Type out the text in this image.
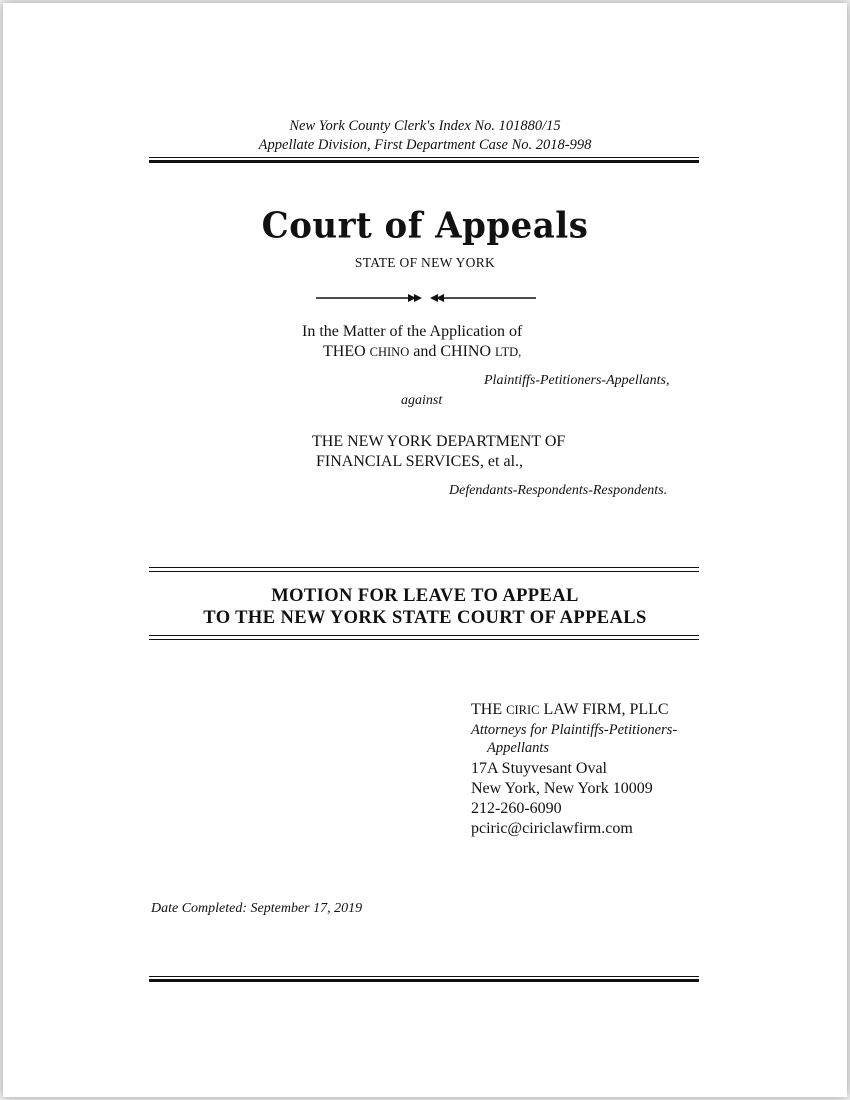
New York County Clerk's Index No. 101880/15
Appellate Division, First Department Case No. 2018-998
Court of Appeals
STATE OF NEW YORK
In the Matter of the Application of
THEO CHINO and CHINO LTD,
Plaintiffs-Petitioners-Appellants,
against
THE NEW YORK DEPARTMENT OF
FINANCIAL SERVICES, et al.,
Defendants-Respondents-Respondents.
MOTION FOR LEAVE TO APPEAL
TO THE NEW YORK STATE COURT OF APPEALS
THE CIRIC LAW FIRM, PLLC
Attorneys for Plaintiffs-Petitioners-
Appellants
17A Stuyvesant Oval
New York, New York 10009
212-260-6090
pciric@ciriclawfirm.com
Date Completed: September 17, 2019
